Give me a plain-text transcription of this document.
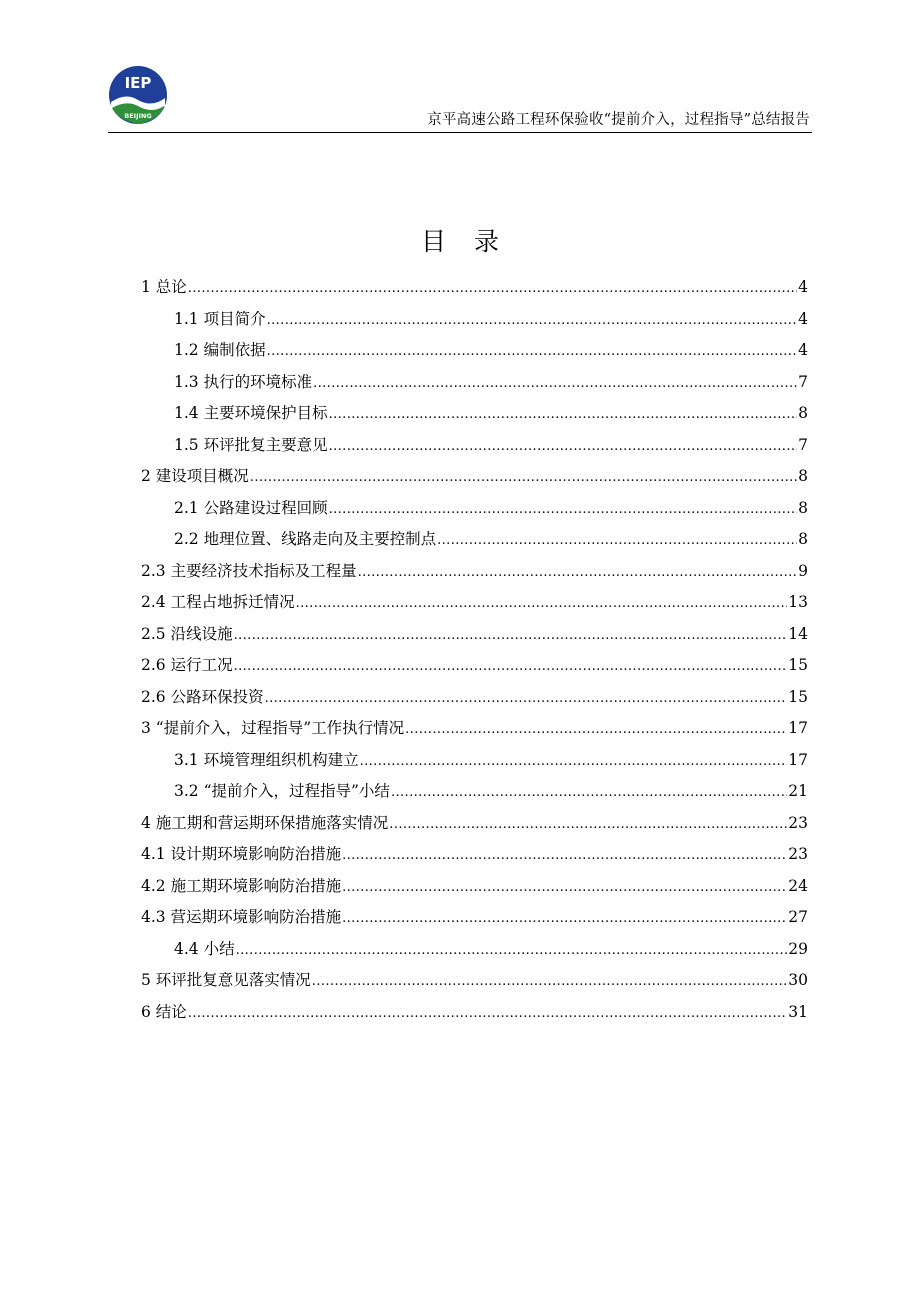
IEP
BEIJING	京平高速公路工程环保验收“提前介入，过程指导”总结报告
目 录
1 总论 .....	4
1.1 项目简介 .....	4
1.2 编制依据 .....	4
1.3 执行的环境标准 .....	7
1.4 主要环境保护目标 .....	8
1.5 环评批复主要意见 .....	7
2 建设项目概况 .....	8
2.1 公路建设过程回顾 .....	8
2.2 地理位置、线路走向及主要控制点 .....	8
2.3 主要经济技术指标及工程量 .....	9
2.4 工程占地拆迁情况 .....	13
2.5 沿线设施 .....	14
2.6 运行工况 .....	15
2.6 公路环保投资 .....	15
3 “提前介入，过程指导”工作执行情况 .....	17
3.1 环境管理组织机构建立 .....	17
3.2 “提前介入，过程指导”小结 .....	21
4 施工期和营运期环保措施落实情况 .....	23
4.1 设计期环境影响防治措施 .....	23
4.2 施工期环境影响防治措施 .....	24
4.3 营运期环境影响防治措施 .....	27
4.4 小结 .....	29
5 环评批复意见落实情况 .....	30
6 结论 .....	31
